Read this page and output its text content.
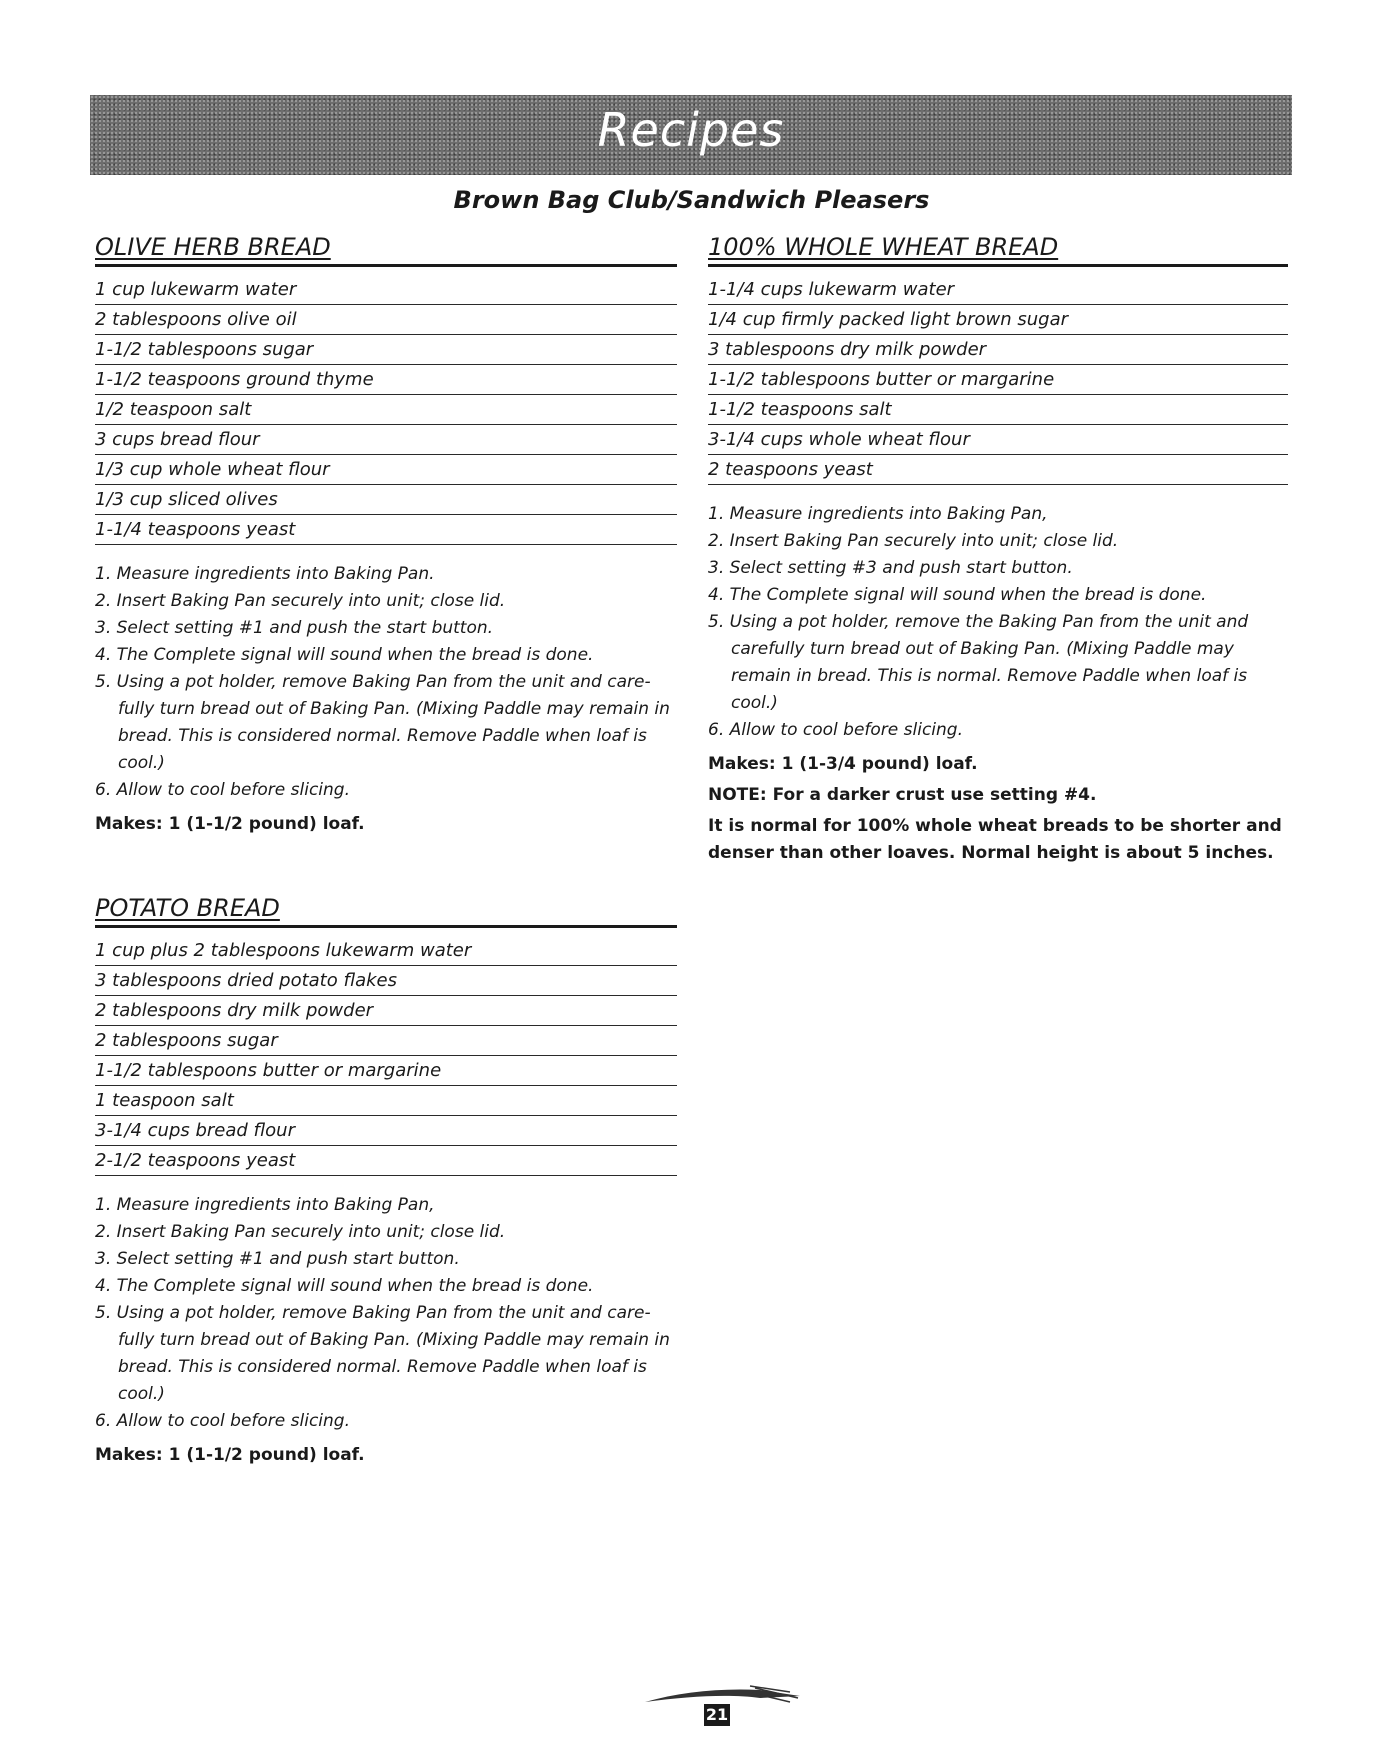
Recipes
Brown Bag Club/Sandwich Pleasers
OLIVE HERB BREAD
1 cup lukewarm water
2 tablespoons olive oil
1-1/2 tablespoons sugar
1-1/2 teaspoons ground thyme
1/2 teaspoon salt
3 cups bread flour
1/3 cup whole wheat flour
1/3 cup sliced olives
1-1/4 teaspoons yeast
1. Measure ingredients into Baking Pan.
2. Insert Baking Pan securely into unit; close lid.
3. Select setting #1 and push the start button.
4. The Complete signal will sound when the bread is done.
5. Using a pot holder, remove Baking Pan from the unit and care-fully turn bread out of Baking Pan. (Mixing Paddle may remain in bread. This is considered normal. Remove Paddle when loaf is cool.)
6. Allow to cool before slicing.
Makes: 1 (1-1/2 pound) loaf.
POTATO BREAD
1 cup plus 2 tablespoons lukewarm water
3 tablespoons dried potato flakes
2 tablespoons dry milk powder
2 tablespoons sugar
1-1/2 tablespoons butter or margarine
1 teaspoon salt
3-1/4 cups bread flour
2-1/2 teaspoons yeast
1. Measure ingredients into Baking Pan,
2. Insert Baking Pan securely into unit; close lid.
3. Select setting #1 and push start button.
4. The Complete signal will sound when the bread is done.
5. Using a pot holder, remove Baking Pan from the unit and care-fully turn bread out of Baking Pan. (Mixing Paddle may remain in bread. This is considered normal. Remove Paddle when loaf is cool.)
6. Allow to cool before slicing.
Makes: 1 (1-1/2 pound) loaf.
100% WHOLE WHEAT BREAD
1-1/4 cups lukewarm water
1/4 cup firmly packed light brown sugar
3 tablespoons dry milk powder
1-1/2 tablespoons butter or margarine
1-1/2 teaspoons salt
3-1/4 cups whole wheat flour
2 teaspoons yeast
1. Measure ingredients into Baking Pan,
2. Insert Baking Pan securely into unit; close lid.
3. Select setting #3 and push start button.
4. The Complete signal will sound when the bread is done.
5. Using a pot holder, remove the Baking Pan from the unit and carefully turn bread out of Baking Pan. (Mixing Paddle may remain in bread. This is normal. Remove Paddle when loaf is cool.)
6. Allow to cool before slicing.
Makes: 1 (1-3/4 pound) loaf.
NOTE: For a darker crust use setting #4.
It is normal for 100% whole wheat breads to be shorter and denser than other loaves. Normal height is about 5 inches.
21
